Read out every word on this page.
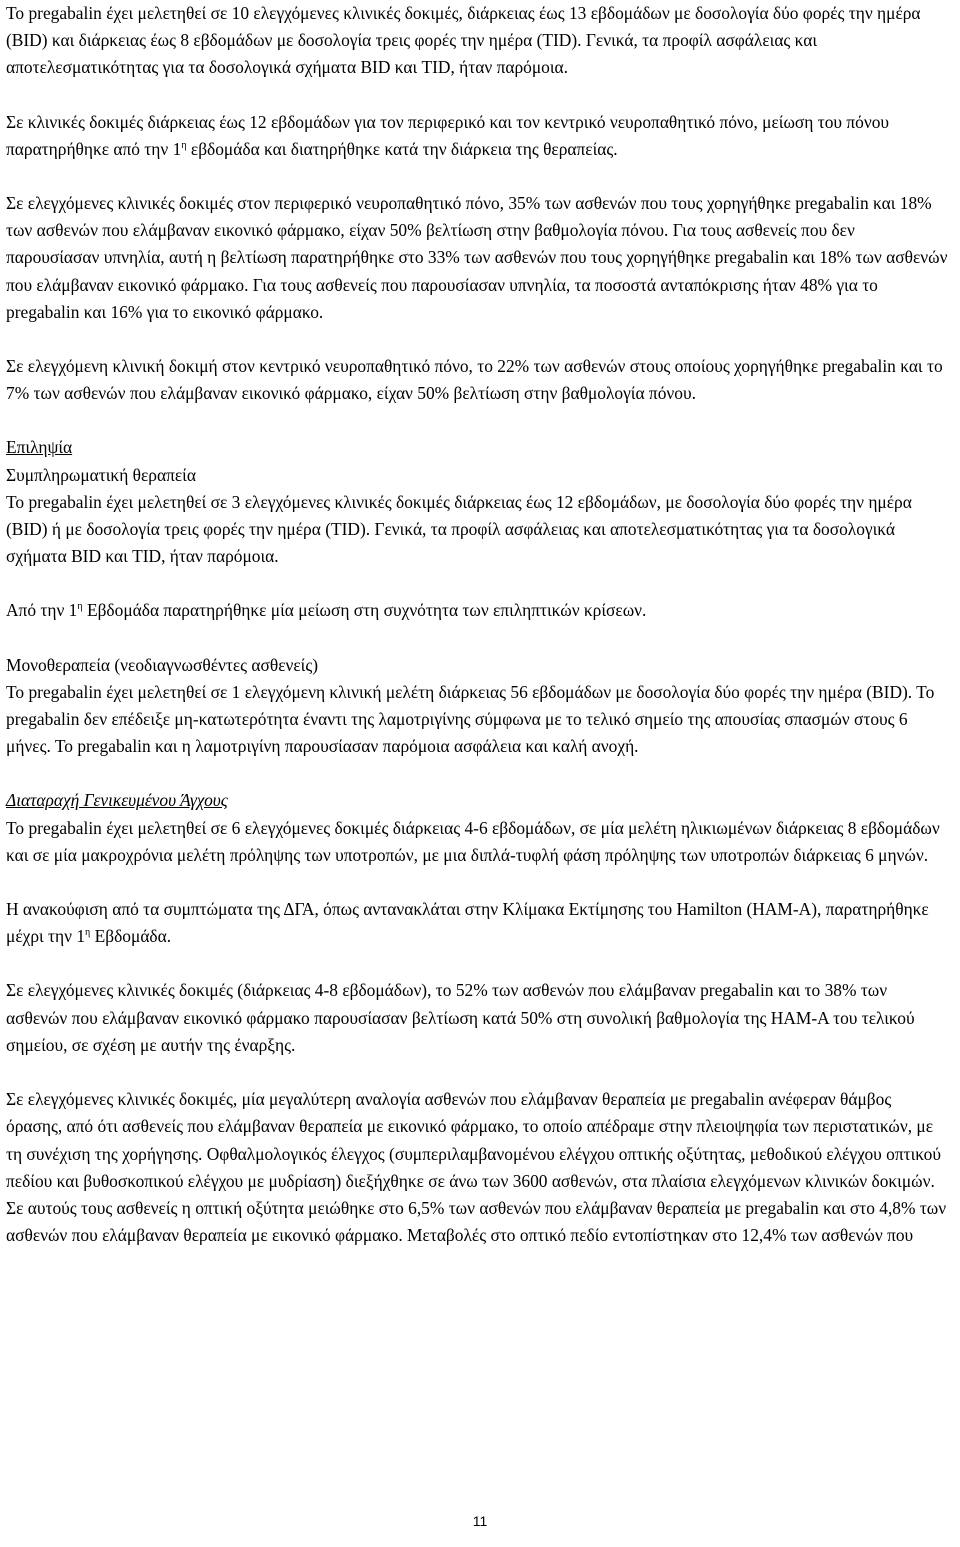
Το pregabalin έχει μελετηθεί σε 10 ελεγχόμενες κλινικές δοκιμές, διάρκειας έως 13 εβδομάδων με δοσολογία δύο φορές την ημέρα (BID) και διάρκειας έως 8 εβδομάδων με δοσολογία τρεις φορές την ημέρα (TID). Γενικά, τα προφίλ ασφάλειας και αποτελεσματικότητας για τα δοσολογικά σχήματα BID και TID, ήταν παρόμοια.

Σε κλινικές δοκιμές διάρκειας έως 12 εβδομάδων για τον περιφερικό και τον κεντρικό νευροπαθητικό πόνο, μείωση του πόνου παρατηρήθηκε από την $1^\eta$ εβδομάδα και διατηρήθηκε κατά την διάρκεια της θεραπείας.

Σε ελεγχόμενες κλινικές δοκιμές στον περιφερικό νευροπαθητικό πόνο, 35% των ασθενών που τους χορηγήθηκε pregabalin και 18% των ασθενών που ελάμβαναν εικονικό φάρμακο, είχαν 50% βελτίωση στην βαθμολογία πόνου. Για τους ασθενείς που δεν παρουσίασαν υπνηλία, αυτή η βελτίωση παρατηρήθηκε στο 33% των ασθενών που τους χορηγήθηκε pregabalin και 18% των ασθενών που ελάμβαναν εικονικό φάρμακο. Για τους ασθενείς που παρουσίασαν υπνηλία, τα ποσοστά ανταπόκρισης ήταν 48% για το pregabalin και 16% για το εικονικό φάρμακο.

Σε ελεγχόμενη κλινική δοκιμή στον κεντρικό νευροπαθητικό πόνο, το 22% των ασθενών στους οποίους χορηγήθηκε pregabalin και το 7% των ασθενών που ελάμβαναν εικονικό φάρμακο, είχαν 50% βελτίωση στην βαθμολογία πόνου.

Επιληψία

Συμπληρωματική θεραπεία

Το pregabalin έχει μελετηθεί σε 3 ελεγχόμενες κλινικές δοκιμές διάρκειας έως 12 εβδομάδων, με δοσολογία δύο φορές την ημέρα (BID) ή με δοσολογία τρεις φορές την ημέρα (TID). Γενικά, τα προφίλ ασφάλειας και αποτελεσματικότητας για τα δοσολογικά σχήματα BID και TID, ήταν παρόμοια.

Από την $1^\eta$ Εβδομάδα παρατηρήθηκε μία μείωση στη συχνότητα των επιληπτικών κρίσεων.

Μονοθεραπεία (νεοδιαγνωσθέντες ασθενείς)

Το pregabalin έχει μελετηθεί σε 1 ελεγχόμενη κλινική μελέτη διάρκειας 56 εβδομάδων με δοσολογία δύο φορές την ημέρα (BID). Το pregabalin δεν επέδειξε μη-κατωτερότητα έναντι της λαμοτριγίνης σύμφωνα με το τελικό σημείο της απουσίας σπασμών στους 6 μήνες. Το pregabalin και η λαμοτριγίνη παρουσίασαν παρόμοια ασφάλεια και καλή ανοχή.

Διαταραχή Γενικευμένου Άγχους

Το pregabalin έχει μελετηθεί σε 6 ελεγχόμενες δοκιμές διάρκειας 4-6 εβδομάδων, σε μία μελέτη ηλικιωμένων διάρκειας 8 εβδομάδων και σε μία μακροχρόνια μελέτη πρόληψης των υποτροπών, με μια διπλά-τυφλή φάση πρόληψης των υποτροπών διάρκειας 6 μηνών.

Η ανακούφιση από τα συμπτώματα της ΔΓΑ, όπως αντανακλάται στην Κλίμακα Εκτίμησης του Hamilton (HAM-A), παρατηρήθηκε μέχρι την $1^\eta$ Εβδομάδα.

Σε ελεγχόμενες κλινικές δοκιμές (διάρκειας 4-8 εβδομάδων), το 52% των ασθενών που ελάμβαναν pregabalin και το 38% των ασθενών που ελάμβαναν εικονικό φάρμακο παρουσίασαν βελτίωση κατά 50% στη συνολική βαθμολογία της HAM-A του τελικού σημείου, σε σχέση με αυτήν της έναρξης.

Σε ελεγχόμενες κλινικές δοκιμές, μία μεγαλύτερη αναλογία ασθενών που ελάμβαναν θεραπεία με pregabalin ανέφεραν θάμβος όρασης, από ότι ασθενείς που ελάμβαναν θεραπεία με εικονικό φάρμακο, το οποίο απέδραμε στην πλειοψηφία των περιστατικών, με τη συνέχιση της χορήγησης. Οφθαλμολογικός έλεγχος (συμπεριλαμβανομένου ελέγχου οπτικής οξύτητας, μεθοδικού ελέγχου οπτικού πεδίου και βυθοσκοπικού ελέγχου με μυδρίαση) διεξήχθηκε σε άνω των 3600 ασθενών, στα πλαίσια ελεγχόμενων κλινικών δοκιμών. Σε αυτούς τους ασθενείς η οπτική οξύτητα μειώθηκε στο 6,5% των ασθενών που ελάμβαναν θεραπεία με pregabalin και στο 4,8% των ασθενών που ελάμβαναν θεραπεία με εικονικό φάρμακο. Μεταβολές στο οπτικό πεδίο εντοπίστηκαν στο 12,4% των ασθενών που

11
